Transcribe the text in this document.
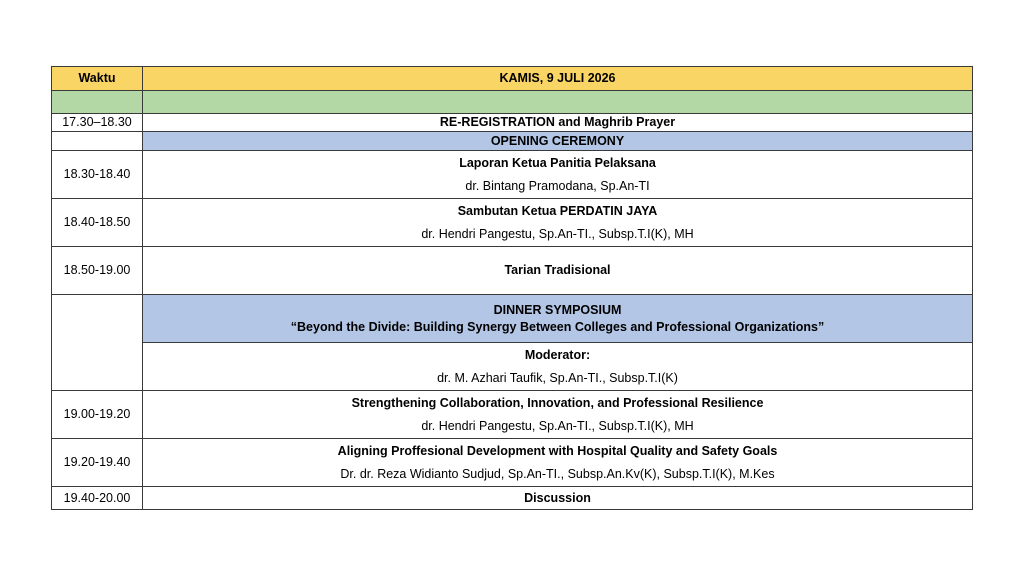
Waktu	KAMIS, 9 JULI 2026

17.30–18.30	RE-REGISTRATION and Maghrib Prayer
	OPENING CEREMONY
18.30-18.40	Laporan Ketua Panitia Pelaksana
dr. Bintang Pramodana, Sp.An-TI

18.40-18.50	Sambutan Ketua PERDATIN JAYA
dr. Hendri Pangestu, Sp.An-TI., Subsp.T.I(K), MH

18.50-19.00	Tarian Tradisional

	DINNER SYMPOSIUM
“Beyond the Divide: Building Synergy Between Colleges and Professional Organizations”

	Moderator:
dr. M. Azhari Taufik, Sp.An-TI., Subsp.T.I(K)

19.00-19.20	Strengthening Collaboration, Innovation, and Professional Resilience
dr. Hendri Pangestu, Sp.An-TI., Subsp.T.I(K), MH

19.20-19.40	Aligning Proffesional Development with Hospital Quality and Safety Goals
Dr. dr. Reza Widianto Sudjud, Sp.An-TI., Subsp.An.Kv(K), Subsp.T.I(K), M.Kes

19.40-20.00	Discussion
